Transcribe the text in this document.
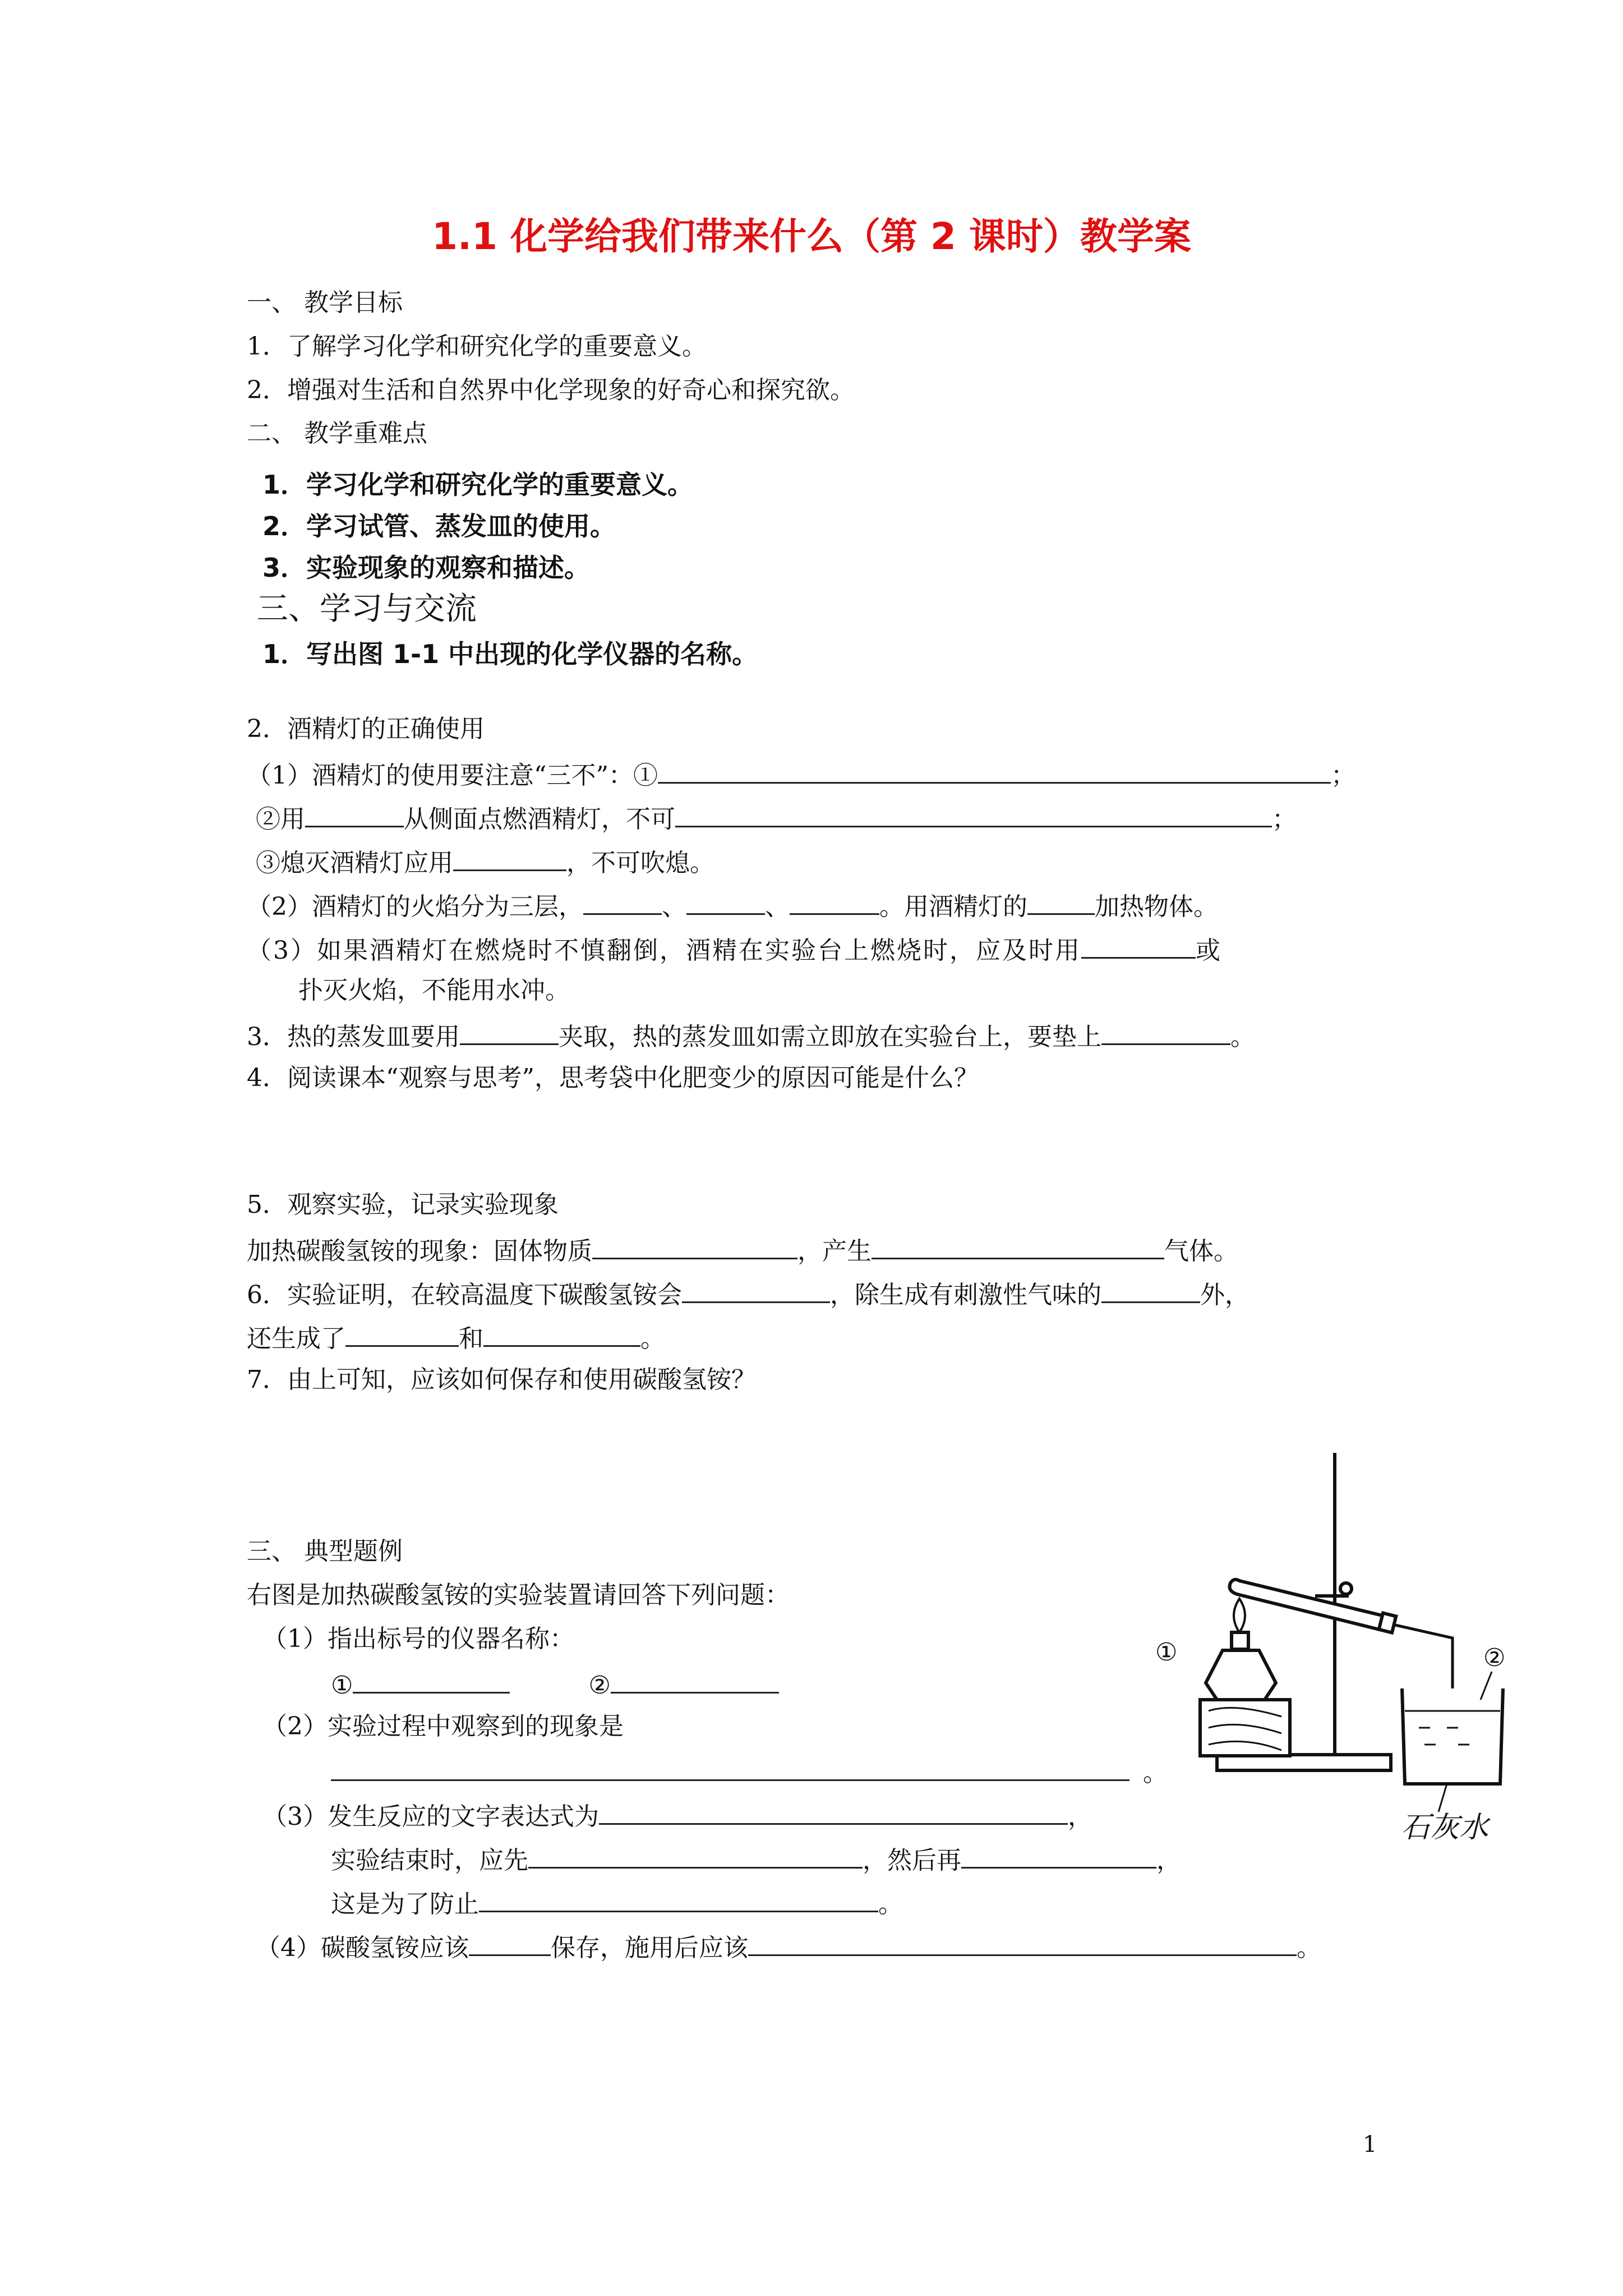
1.1 化学给我们带来什么（第 2 课时）教学案
一、 教学目标
1．了解学习化学和研究化学的重要意义。
2．增强对生活和自然界中化学现象的好奇心和探究欲。
二、 教学重难点
1．学习化学和研究化学的重要意义。
2．学习试管、蒸发皿的使用。
3．实验现象的观察和描述。
三、学习与交流
1．写出图 1-1 中出现的化学仪器的名称。
2．酒精灯的正确使用
（1）酒精灯的使用要注意“三不”：①	；
②用	从侧面点燃酒精灯，不可	；
③熄灭酒精灯应用	，不可吹熄。
（2）酒精灯的火焰分为三层，	、	、	。用酒精灯的	加热物体。
（3）如果酒精灯在燃烧时不慎翻倒，酒精在实验台上燃烧时，应及时用	或
扑灭火焰，不能用水冲。
3．热的蒸发皿要用	夹取，热的蒸发皿如需立即放在实验台上，要垫上	。
4．阅读课本“观察与思考”，思考袋中化肥变少的原因可能是什么？
5．观察实验，记录实验现象
加热碳酸氢铵的现象：固体物质	，产生	气体。
6．实验证明，在较高温度下碳酸氢铵会	，除生成有刺激性气味的	外，
还生成了	和	。
7．由上可知，应该如何保存和使用碳酸氢铵？
三、 典型题例
右图是加热碳酸氢铵的实验装置请回答下列问题：
（1）指出标号的仪器名称：
①	②
（2）实验过程中观察到的现象是
。
（3）发生反应的文字表达式为	，
实验结束时，应先	，然后再	，
这是为了防止	。
（4）碳酸氢铵应该	保存，施用后应该	。
①	②
石灰水
1
